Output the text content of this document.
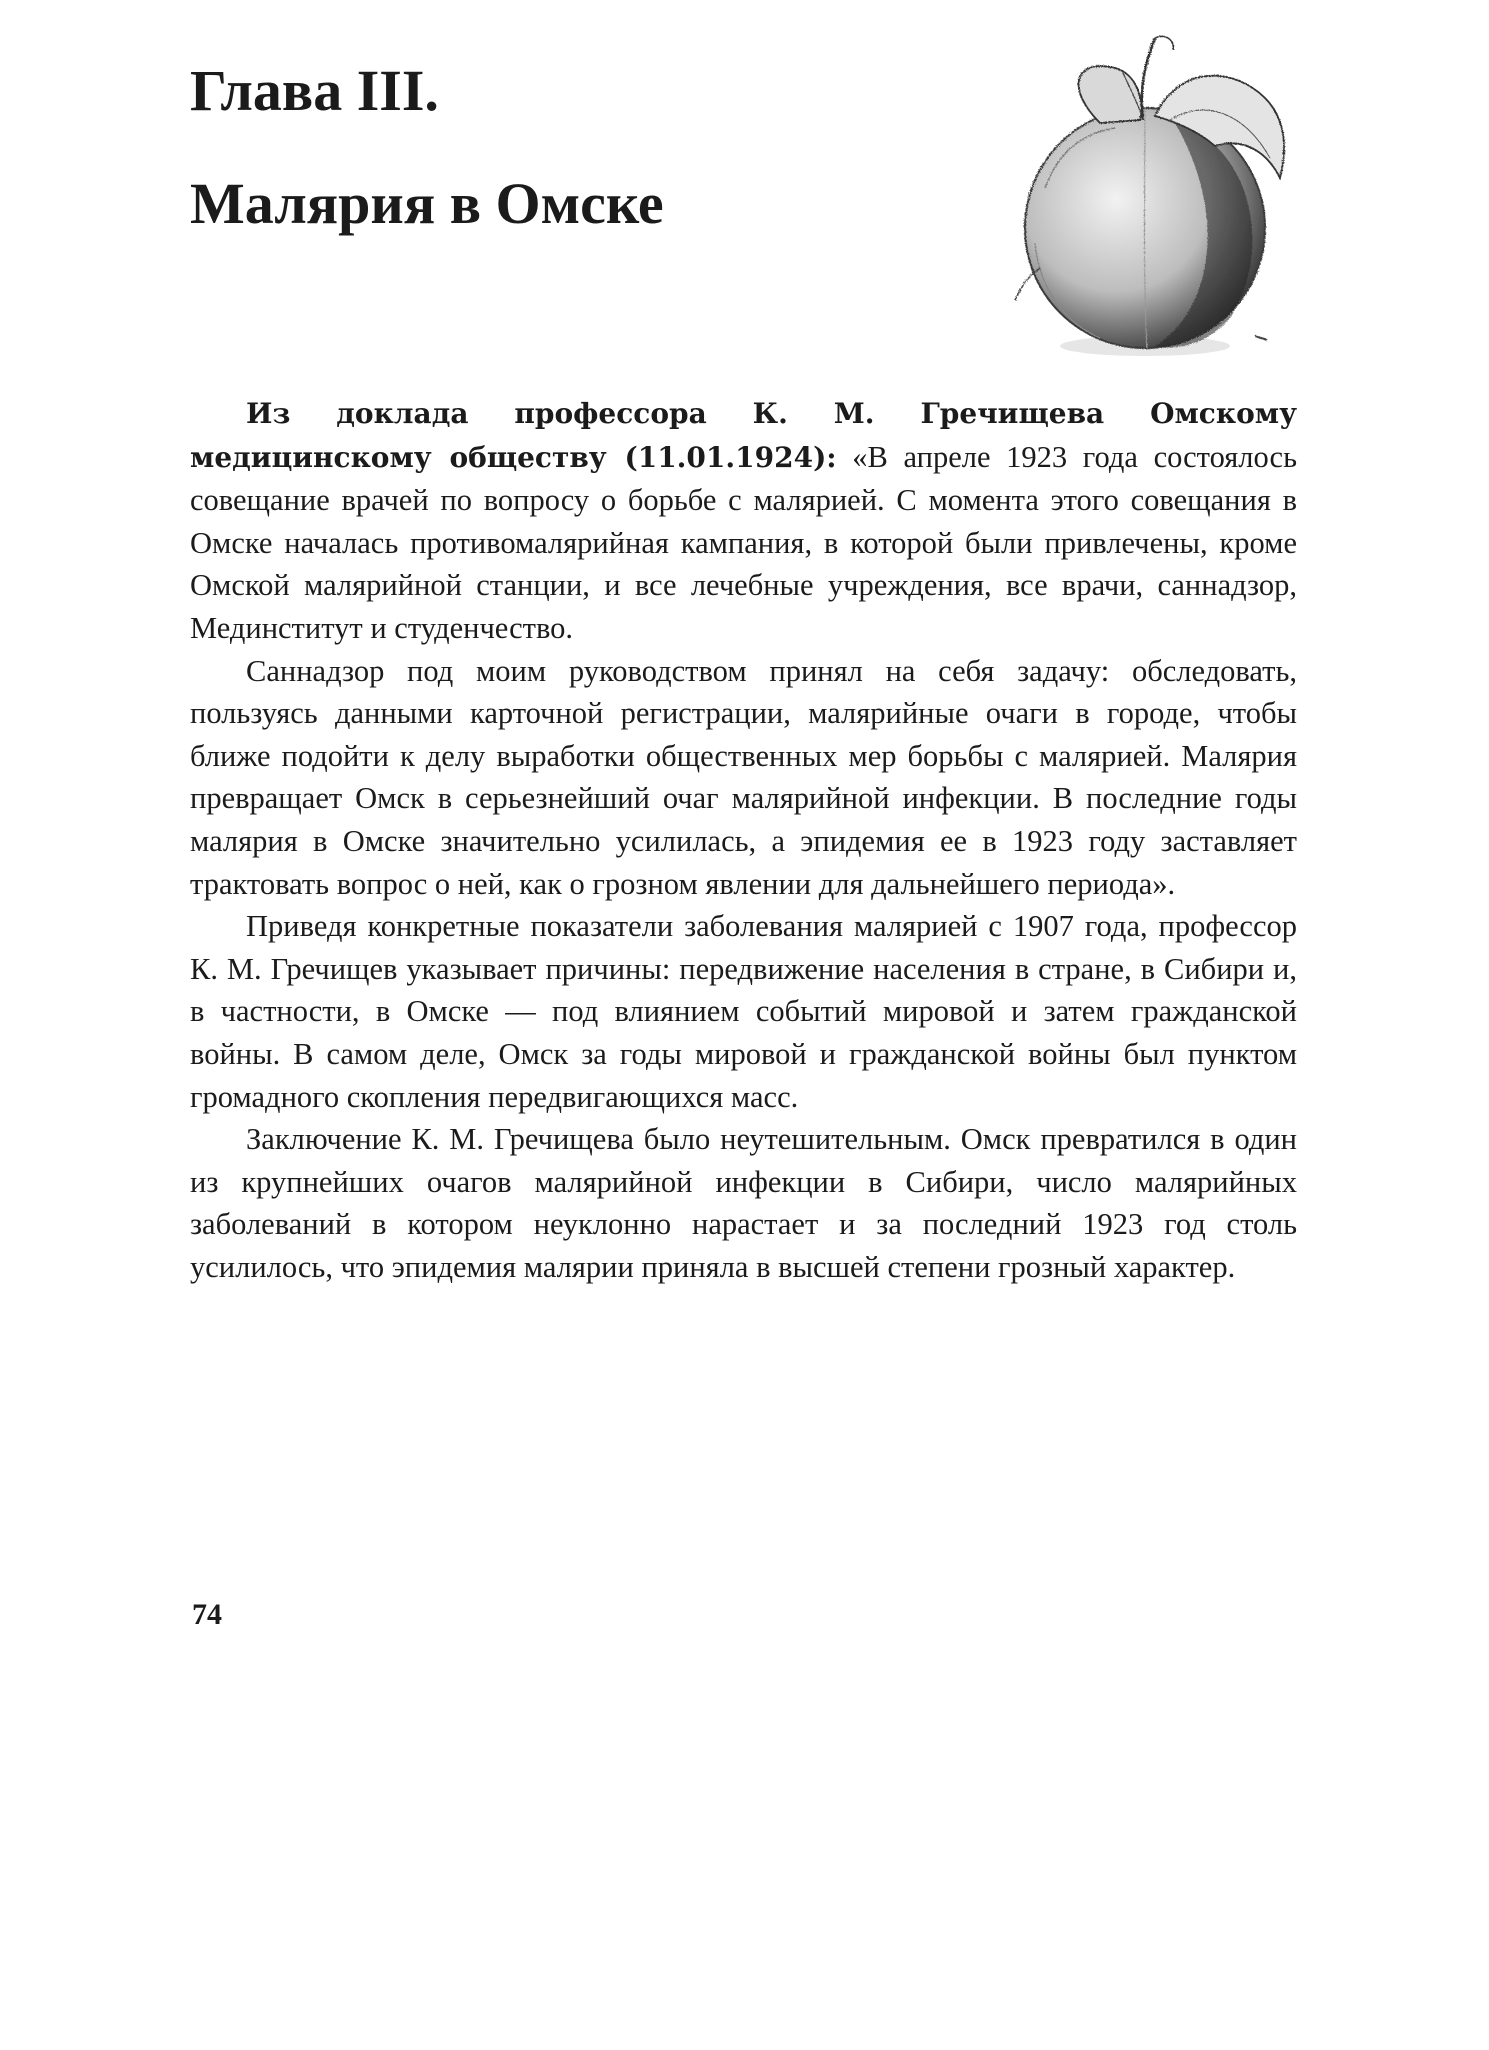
Глава III.
Малярия в Омске

Из доклада профессора К. М. Гречищева Омскому медицинскому обществу (11.01.1924): «В апреле 1923 года состоялось совещание врачей по вопросу о борьбе с малярией. С момента этого совещания в Омске началась противомалярийная кампания, в которой были привлечены, кроме Омской малярийной станции, и все лечебные учреждения, все врачи, саннадзор, Мединститут и студенчество.

Саннадзор под моим руководством принял на себя задачу: обследовать, пользуясь данными карточной регистрации, малярийные очаги в городе, чтобы ближе подойти к делу выработки общественных мер борьбы с малярией. Малярия превращает Омск в серьезнейший очаг малярийной инфекции. В последние годы малярия в Омске значительно усилилась, а эпидемия ее в 1923 году заставляет трактовать вопрос о ней, как о грозном явлении для дальнейшего периода».

Приведя конкретные показатели заболевания малярией с 1907 года, профессор К. М. Гречищев указывает причины: передвижение населения в стране, в Сибири и, в частности, в Омске — под влиянием событий мировой и затем гражданской войны. В самом деле, Омск за годы мировой и гражданской войны был пунктом громадного скопления передвигающихся масс.

Заключение К. М. Гречищева было неутешительным. Омск превратился в один из крупнейших очагов малярийной инфекции в Сибири, число малярийных заболеваний в котором неуклонно нарастает и за последний 1923 год столь усилилось, что эпидемия малярии приняла в высшей степени грозный характер.

74
